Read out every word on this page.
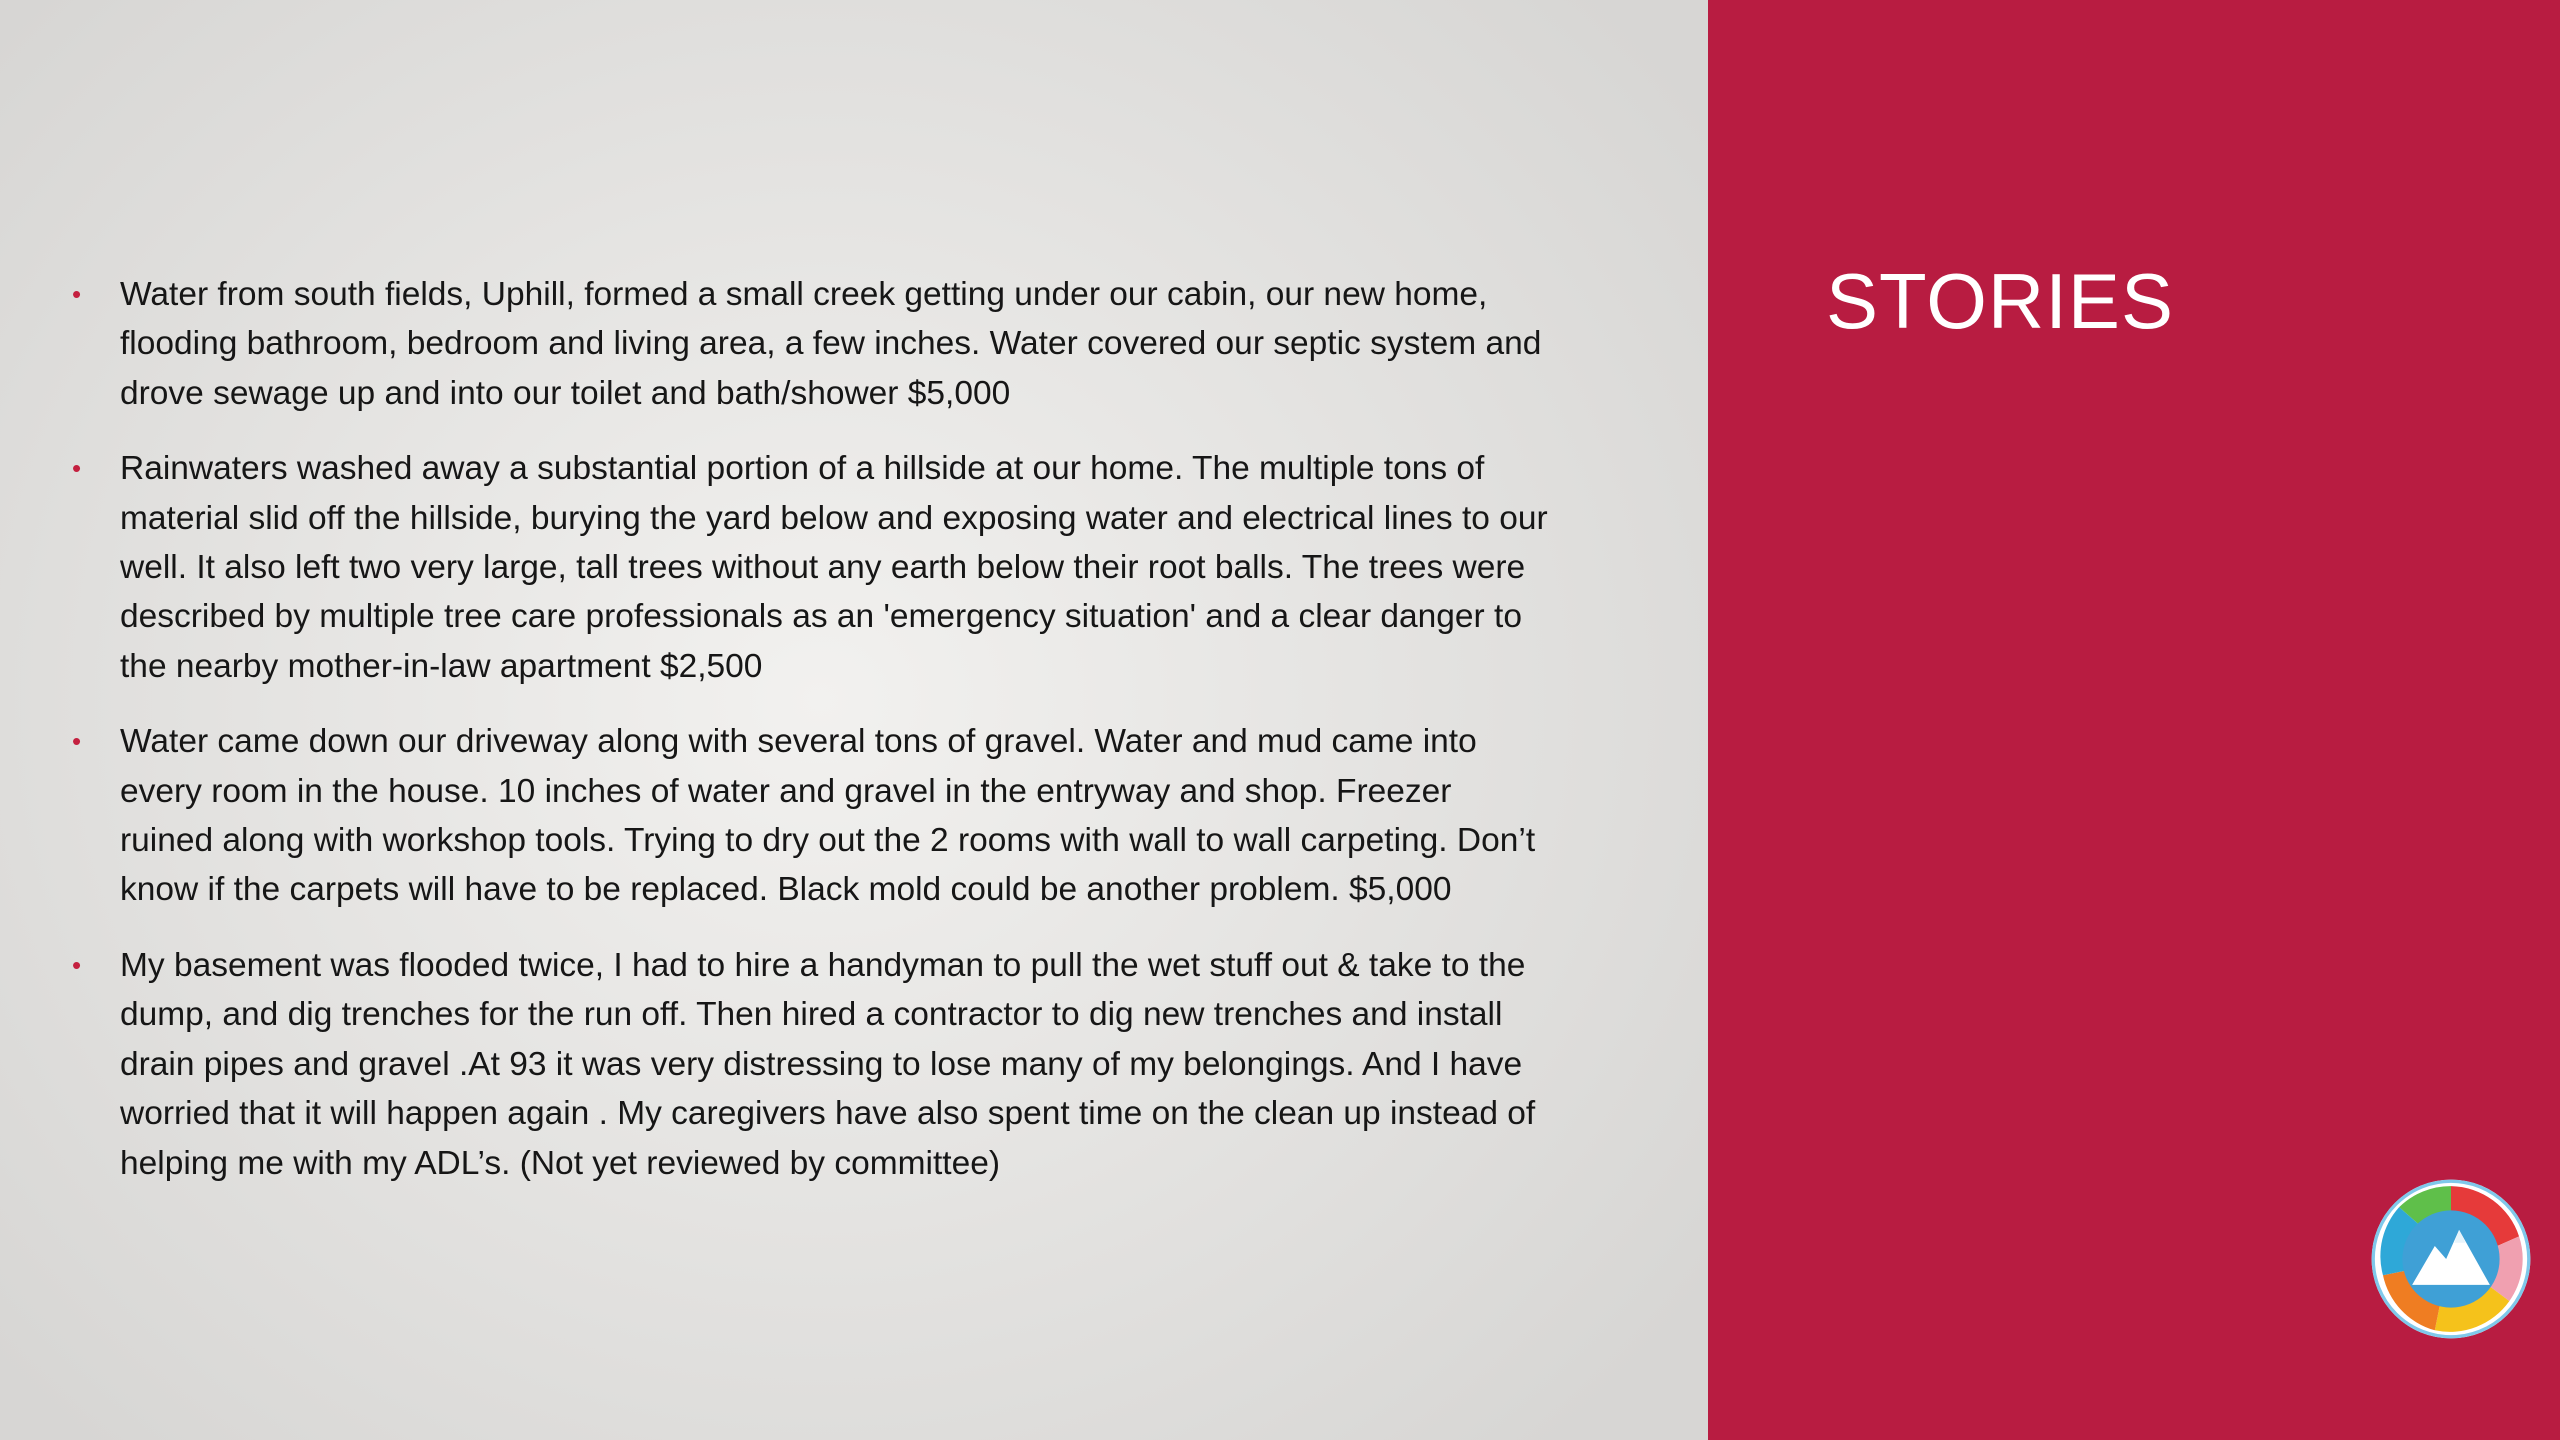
• Water from south fields, Uphill, formed a small creek getting under our cabin, our new home, flooding bathroom, bedroom and living area, a few inches. Water covered our septic system and drove sewage up and into our toilet and bath/shower $5,000
• Rainwaters washed away a substantial portion of a hillside at our home. The multiple tons of material slid off the hillside, burying the yard below and exposing water and electrical lines to our well. It also left two very large, tall trees without any earth below their root balls. The trees were described by multiple tree care professionals as an 'emergency situation' and a clear danger to the nearby mother-in-law apartment $2,500
• Water came down our driveway along with several tons of gravel. Water and mud came into every room in the house. 10 inches of water and gravel in the entryway and shop. Freezer ruined along with workshop tools. Trying to dry out the 2 rooms with wall to wall carpeting. Don’t know if the carpets will have to be replaced. Black mold could be another problem. $5,000
• My basement was flooded twice, I had to hire a handyman to pull the wet stuff out & take to the dump, and dig trenches for the run off. Then hired a contractor to dig new trenches and install drain pipes and gravel .At 93 it was very distressing to lose many of my belongings. And I have worried that it will happen again . My caregivers have also spent time on the clean up instead of helping me with my ADL’s. (Not yet reviewed by committee)
STORIES
